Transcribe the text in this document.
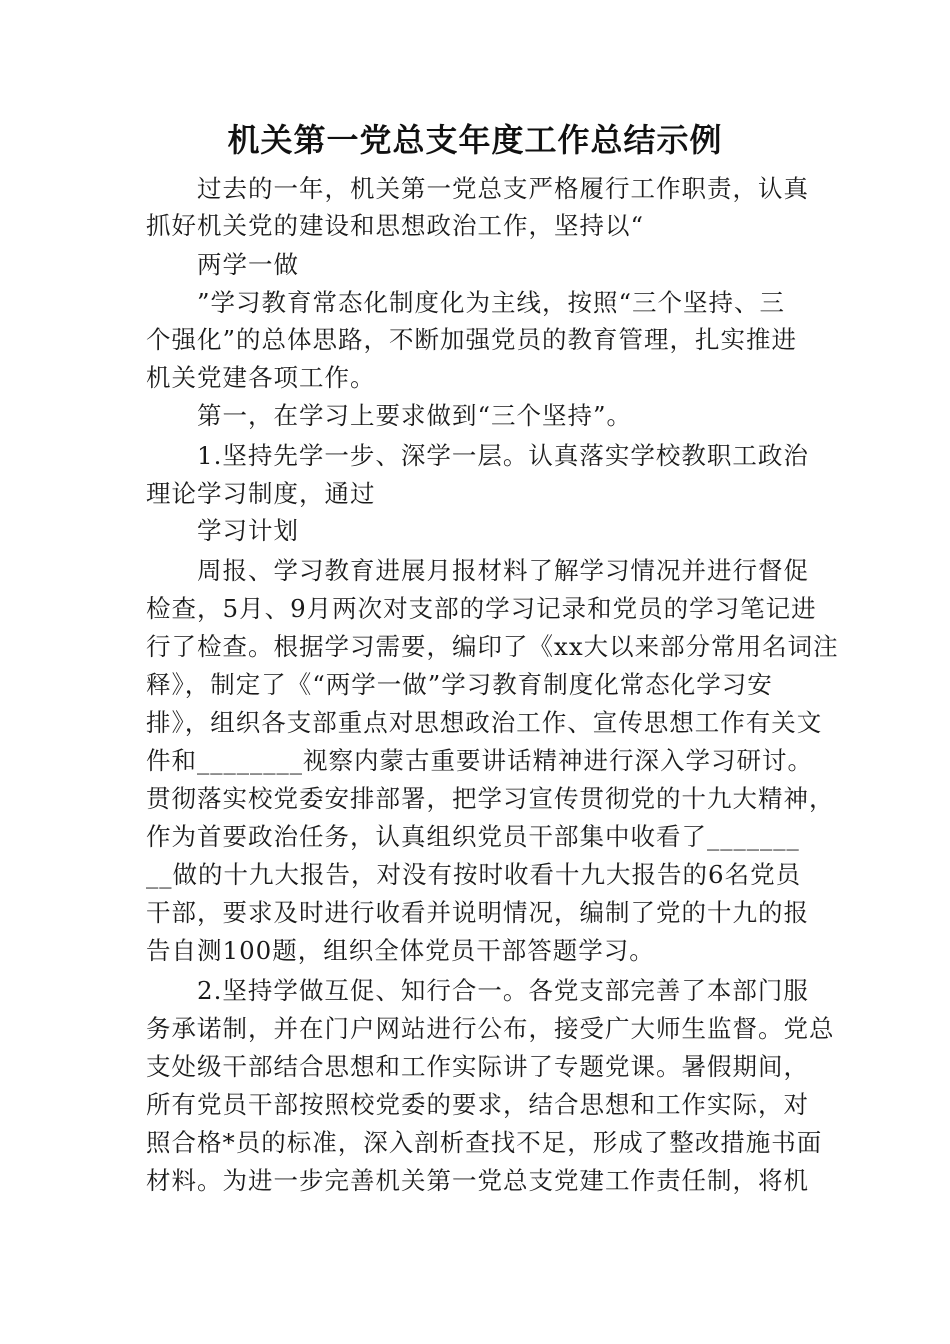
机关第一党总支年度工作总结示例
过去的一年，机关第一党总支严格履行工作职责，认真
抓好机关党的建设和思想政治工作，坚持以“
两学一做
”学习教育常态化制度化为主线，按照“三个坚持、三
个强化”的总体思路，不断加强党员的教育管理，扎实推进
机关党建各项工作。
第一，在学习上要求做到“三个坚持”。
1.坚持先学一步、深学一层。认真落实学校教职工政治
理论学习制度，通过
学习计划
周报、学习教育进展月报材料了解学习情况并进行督促
检查，5月、9月两次对支部的学习记录和党员的学习笔记进
行了检查。根据学习需要，编印了《xx大以来部分常用名词注
释》，制定了《“两学一做”学习教育制度化常态化学习安
排》，组织各支部重点对思想政治工作、宣传思想工作有关文
件和________视察内蒙古重要讲话精神进行深入学习研讨。
贯彻落实校党委安排部署，把学习宣传贯彻党的十九大精神，
作为首要政治任务，认真组织党员干部集中收看了_______
__做的十九大报告，对没有按时收看十九大报告的6名党员
干部，要求及时进行收看并说明情况，编制了党的十九的报
告自测100题，组织全体党员干部答题学习。
2.坚持学做互促、知行合一。各党支部完善了本部门服
务承诺制，并在门户网站进行公布，接受广大师生监督。党总
支处级干部结合思想和工作实际讲了专题党课。暑假期间，
所有党员干部按照校党委的要求，结合思想和工作实际，对
照合格*员的标准，深入剖析查找不足，形成了整改措施书面
材料。为进一步完善机关第一党总支党建工作责任制，将机
